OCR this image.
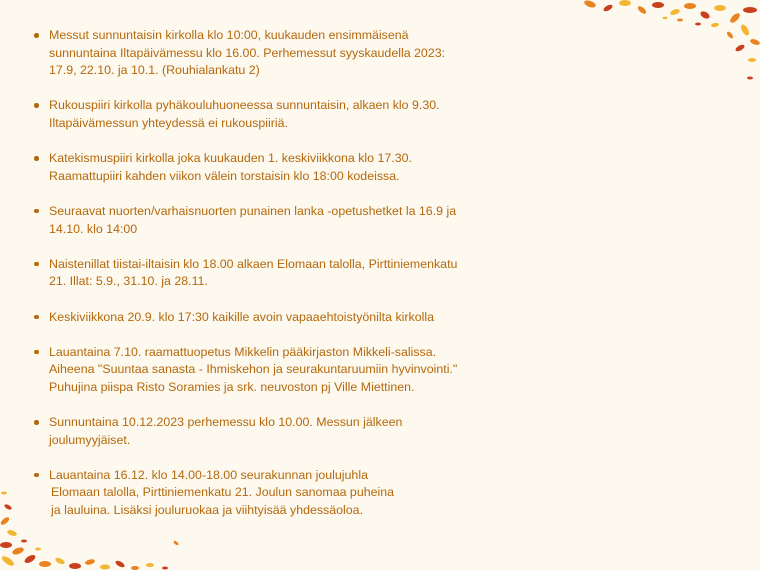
Messut sunnuntaisin kirkolla klo 10:00, kuukauden ensimmäisenä
sunnuntaina Iltapäivämessu klo 16.00. Perhemessut syyskaudella 2023:
17.9, 22.10. ja 10.1. (Rouhialankatu 2)
Rukouspiiri kirkolla pyhäkouluhuoneessa sunnuntaisin, alkaen klo 9.30.
Iltapäivämessun yhteydessä ei rukouspiiriä.
Katekismuspiiri kirkolla joka kuukauden 1. keskiviikkona klo 17.30.
Raamattupiiri kahden viikon välein torstaisin klo 18:00 kodeissa.
Seuraavat nuorten/varhaisnuorten punainen lanka -opetushetket la 16.9 ja
14.10. klo 14:00
Naistenillat tiistai-iltaisin klo 18.00 alkaen Elomaan talolla, Pirttiniemenkatu
21. Illat: 5.9., 31.10. ja 28.11.
Keskiviikkona 20.9. klo 17:30 kaikille avoin vapaaehtoistyönilta kirkolla
Lauantaina 7.10. raamattuopetus Mikkelin pääkirjaston Mikkeli-salissa.
Aiheena "Suuntaa sanasta - Ihmiskehon ja seurakuntaruumiin hyvinvointi."
Puhujina piispa Risto Soramies ja srk. neuvoston pj Ville Miettinen.
Sunnuntaina 10.12.2023 perhemessu klo 10.00. Messun jälkeen
joulumyyjäiset.
Lauantaina 16.12. klo 14.00-18.00 seurakunnan joulujuhla
Elomaan talolla, Pirttiniemenkatu 21. Joulun sanomaa puheina
ja lauluina. Lisäksi jouluruokaa ja viihtyisää yhdessäoloa.
